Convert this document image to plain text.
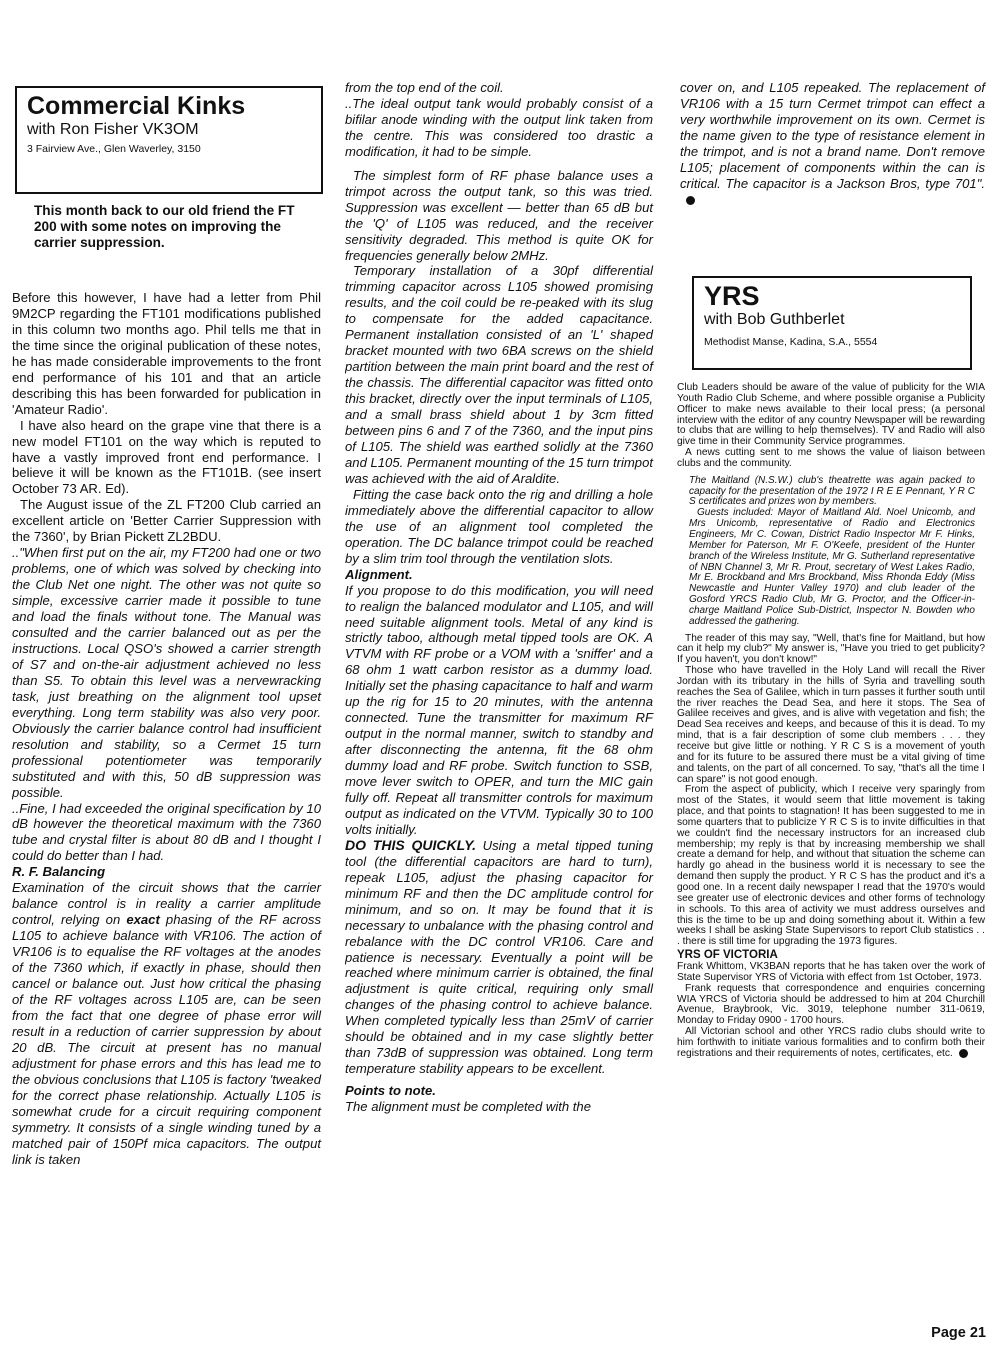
Commercial Kinks
with Ron Fisher VK3OM
3 Fairview Ave., Glen Waverley, 3150

This month back to our old friend the FT 200 with some notes on improving the carrier suppression.

Before this however, I have had a letter from Phil 9M2CP regarding the FT101 modifications published in this column two months ago. Phil tells me that in the time since the original publication of these notes, he has made considerable improvements to the front end performance of his 101 and that an article describing this has been forwarded for publication in 'Amateur Radio'.

I have also heard on the grape vine that there is a new model FT101 on the way which is reputed to have a vastly improved front end performance. I believe it will be known as the FT101B. (see insert October 73 AR. Ed).

The August issue of the ZL FT200 Club carried an excellent article on 'Better Carrier Suppression with the 7360', by Brian Pickett ZL2BDU.

.."When first put on the air, my FT200 had one or two problems, one of which was solved by checking into the Club Net one night. The other was not quite so simple, excessive carrier made it possible to tune and load the finals without tone. The Manual was consulted and the carrier balanced out as per the instructions. Local QSO's showed a carrier strength of S7 and on-the-air adjustment achieved no less than S5. To obtain this level was a nervewracking task, just breathing on the alignment tool upset everything. Long term stability was also very poor. Obviously the carrier balance control had insufficient resolution and stability, so a Cermet 15 turn professional potentiometer was temporarily substituted and with this, 50 dB suppression was possible.

..Fine, I had exceeded the original specification by 10 dB however the theoretical maximum with the 7360 tube and crystal filter is about 80 dB and I thought I could do better than I had.

R. F. Balancing

Examination of the circuit shows that the carrier balance control is in reality a carrier amplitude control, relying on exact phasing of the RF across L105 to achieve balance with VR106. The action of VR106 is to equalise the RF voltages at the anodes of the 7360 which, if exactly in phase, should then cancel or balance out. Just how critical the phasing of the RF voltages across L105 are, can be seen from the fact that one degree of phase error will result in a reduction of carrier suppression by about 20 dB. The circuit at present has no manual adjustment for phase errors and this has lead me to the obvious conclusions that L105 is factory 'tweaked for the correct phase relationship. Actually L105 is somewhat crude for a circuit requiring component symmetry. It consists of a single winding tuned by a matched pair of 150Pf mica capacitors. The output link is taken

from the top end of the coil.

..The ideal output tank would probably consist of a bifilar anode winding with the output link taken from the centre. This was considered too drastic a modification, it had to be simple.

The simplest form of RF phase balance uses a trimpot across the output tank, so this was tried. Suppression was excellent — better than 65 dB but the 'Q' of L105 was reduced, and the receiver sensitivity degraded. This method is quite OK for frequencies generally below 2MHz.

Temporary installation of a 30pf differential trimming capacitor across L105 showed promising results, and the coil could be re-peaked with its slug to compensate for the added capacitance. Permanent installation consisted of an 'L' shaped bracket mounted with two 6BA screws on the shield partition between the main print board and the rest of the chassis. The differential capacitor was fitted onto this bracket, directly over the input terminals of L105, and a small brass shield about 1 by 3cm fitted between pins 6 and 7 of the 7360, and the input pins of L105. The shield was earthed solidly at the 7360 and L105. Permanent mounting of the 15 turn trimpot was achieved with the aid of Araldite.

Fitting the case back onto the rig and drilling a hole immediately above the differential capacitor to allow the use of an alignment tool completed the operation. The DC balance trimpot could be reached by a slim trim tool through the ventilation slots.

Alignment.

If you propose to do this modification, you will need to realign the balanced modulator and L105, and will need suitable alignment tools. Metal of any kind is strictly taboo, although metal tipped tools are OK. A VTVM with RF probe or a VOM with a 'sniffer' and a 68 ohm 1 watt carbon resistor as a dummy load. Initially set the phasing capacitance to half and warm up the rig for 15 to 20 minutes, with the antenna connected. Tune the transmitter for maximum RF output in the normal manner, switch to standby and after disconnecting the antenna, fit the 68 ohm dummy load and RF probe. Switch function to SSB, move lever switch to OPER, and turn the MIC gain fully off. Repeat all transmitter controls for maximum output as indicated on the VTVM. Typically 30 to 100 volts initially.

DO THIS QUICKLY. Using a metal tipped tuning tool (the differential capacitors are hard to turn), repeak L105, adjust the phasing capacitor for minimum RF and then the DC amplitude control for minimum, and so on. It may be found that it is necessary to unbalance with the phasing control and rebalance with the DC control VR106. Care and patience is necessary. Eventually a point will be reached where minimum carrier is obtained, the final adjustment is quite critical, requiring only small changes of the phasing control to achieve balance. When completed typically less than 25mV of carrier should be obtained and in my case slightly better than 73dB of suppression was obtained. Long term temperature stability appears to be excellent.

Points to note.

The alignment must be completed with the

cover on, and L105 repeaked. The replacement of VR106 with a 15 turn Cermet trimpot can effect a very worthwhile improvement on its own. Cermet is the name given to the type of resistance element in the trimpot, and is not a brand name. Don't remove L105; placement of components within the can is critical. The capacitor is a Jackson Bros, type 701".

YRS
with Bob Guthberlet
Methodist Manse, Kadina, S.A., 5554

Club Leaders should be aware of the value of publicity for the WIA Youth Radio Club Scheme, and where possible organise a Publicity Officer to make news available to their local press; (a personal interview with the editor of any country Newspaper will be rewarding to clubs that are willing to help themselves). TV and Radio will also give time in their Community Service programmes.

A news cutting sent to me shows the value of liaison between clubs and the community.

The Maitland (N.S.W.) club's theatrette was again packed to capacity for the presentation of the 1972 I R E E Pennant, Y R C S certificates and prizes won by members.

Guests included: Mayor of Maitland Ald. Noel Unicomb, and Mrs Unicomb, representative of Radio and Electronics Engineers, Mr C. Cowan, District Radio Inspector Mr F. Hinks, Member for Paterson, Mr F. O'Keefe, president of the Hunter branch of the Wireless Institute, Mr G. Sutherland representative of NBN Channel 3, Mr R. Prout, secretary of West Lakes Radio, Mr E. Brockband and Mrs Brockband, Miss Rhonda Eddy (Miss Newcastle and Hunter Valley 1970) and club leader of the Gosford YRCS Radio Club, Mr G. Proctor, and the Officer-in-charge Maitland Police Sub-District, Inspector N. Bowden who addressed the gathering.

The reader of this may say, "Well, that's fine for Maitland, but how can it help my club?" My answer is, "Have you tried to get publicity? If you haven't, you don't know!"

Those who have travelled in the Holy Land will recall the River Jordan with its tributary in the hills of Syria and travelling south reaches the Sea of Galilee, which in turn passes it further south until the river reaches the Dead Sea, and here it stops. The Sea of Galilee receives and gives, and is alive with vegetation and fish; the Dead Sea receives and keeps, and because of this it is dead. To my mind, that is a fair description of some club members . . . they receive but give little or nothing. Y R C S is a movement of youth and for its future to be assured there must be a vital giving of time and talents, on the part of all concerned. To say, "that's all the time I can spare" is not good enough.

From the aspect of publicity, which I receive very sparingly from most of the States, it would seem that little movement is taking place, and that points to stagnation! It has been suggested to me in some quarters that to publicize Y R C S is to invite difficulties in that we couldn't find the necessary instructors for an increased club membership; my reply is that by increasing membership we shall create a demand for help, and without that situation the scheme can hardly go ahead in the business world it is necessary to see the demand then supply the product. Y R C S has the product and it's a good one. In a recent daily newspaper I read that the 1970's would see greater use of electronic devices and other forms of technology in schools. To this area of activity we must address ourselves and this is the time to be up and doing something about it. Within a few weeks I shall be asking State Supervisors to report Club statistics . . . there is still time for upgrading the 1973 figures.

YRS OF VICTORIA

Frank Whittom, VK3BAN reports that he has taken over the work of State Supervisor YRS of Victoria with effect from 1st October, 1973.

Frank requests that correspondence and enquiries concerning WIA YRCS of Victoria should be addressed to him at 204 Churchill Avenue, Braybrook, Vic. 3019, telephone number 311-0619, Monday to Friday 0900 - 1700 hours.

All Victorian school and other YRCS radio clubs should write to him forthwith to initiate various formalities and to confirm both their registrations and their requirements of notes, certificates, etc.

Page 21
